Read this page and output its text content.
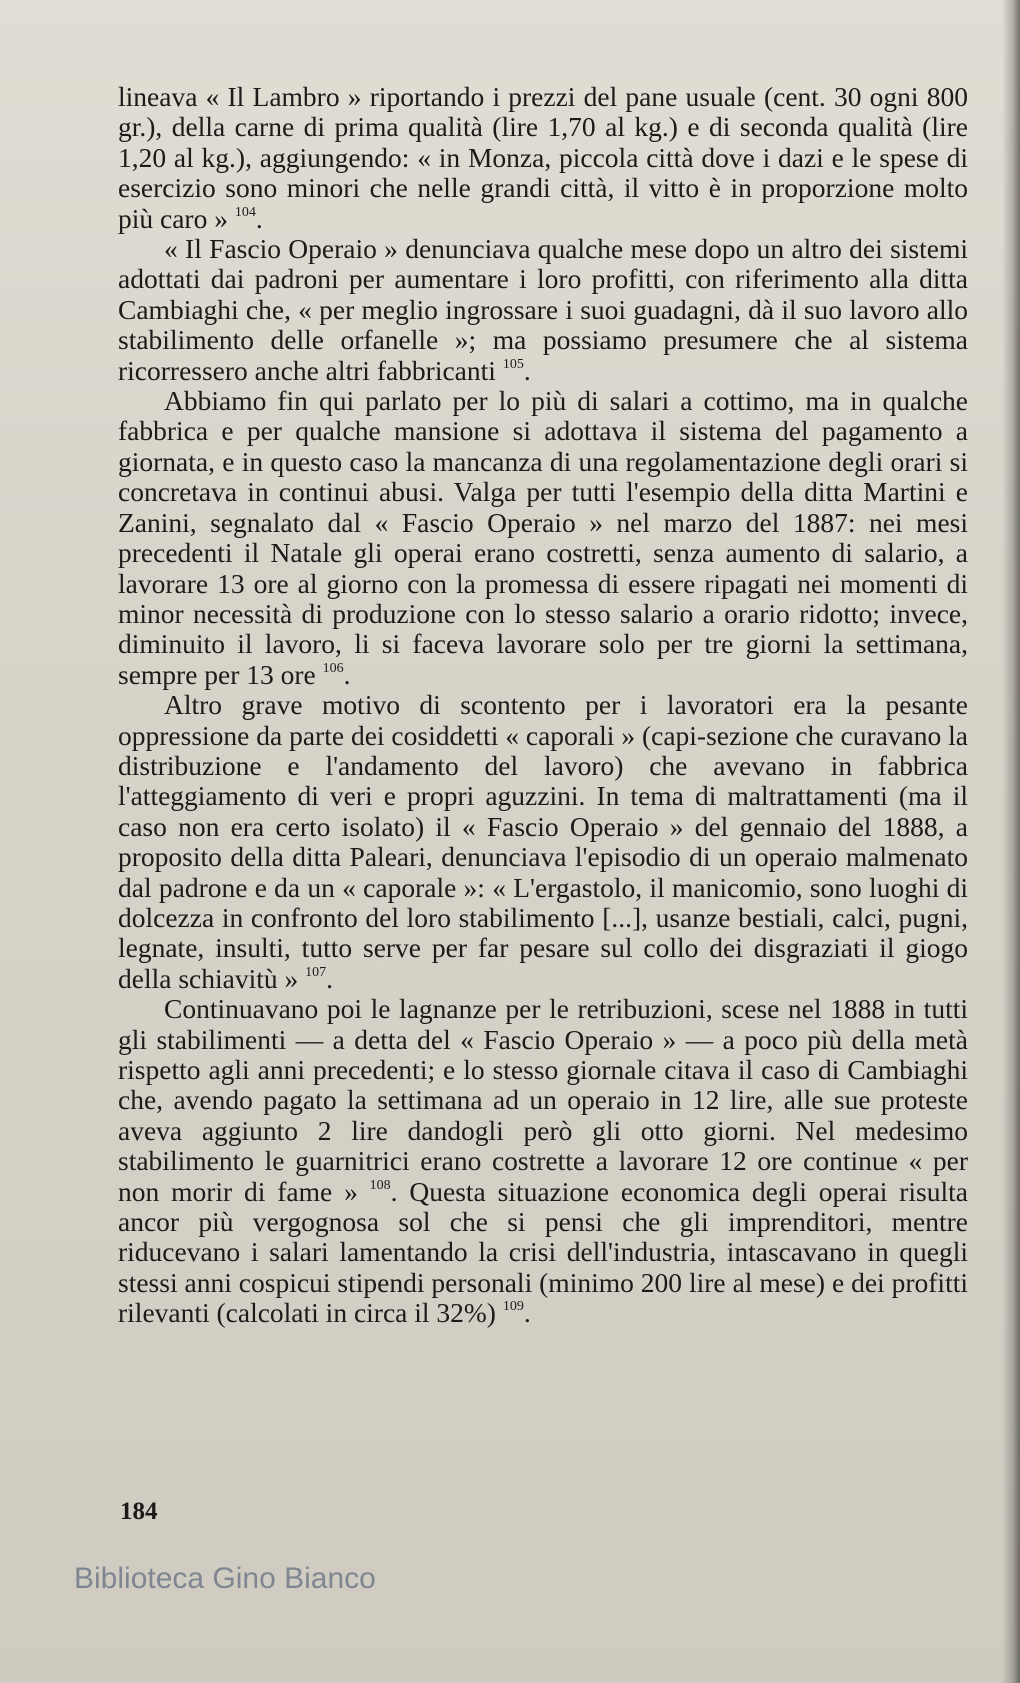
lineava « Il Lambro » riportando i prezzi del pane usuale (cent. 30 ogni 800 gr.), della carne di prima qualità (lire 1,70 al kg.) e di seconda qualità (lire 1,20 al kg.), aggiungendo: « in Monza, piccola città dove i dazi e le spese di esercizio sono minori che nelle grandi città, il vitto è in proporzione molto più caro » $^{104}$.

« Il Fascio Operaio » denunciava qualche mese dopo un altro dei sistemi adottati dai padroni per aumentare i loro profitti, con riferimento alla ditta Cambiaghi che, « per meglio ingrossare i suoi guadagni, dà il suo lavoro allo stabilimento delle orfanelle »; ma possiamo presumere che al sistema ricorressero anche altri fabbricanti $^{105}$.

Abbiamo fin qui parlato per lo più di salari a cottimo, ma in qualche fabbrica e per qualche mansione si adottava il sistema del pagamento a giornata, e in questo caso la mancanza di una regolamentazione degli orari si concretava in continui abusi. Valga per tutti l'esempio della ditta Martini e Zanini, segnalato dal « Fascio Operaio » nel marzo del 1887: nei mesi precedenti il Natale gli operai erano costretti, senza aumento di salario, a lavorare 13 ore al giorno con la promessa di essere ripagati nei momenti di minor necessità di produzione con lo stesso salario a orario ridotto; invece, diminuito il lavoro, li si faceva lavorare solo per tre giorni la settimana, sempre per 13 ore $^{106}$.

Altro grave motivo di scontento per i lavoratori era la pesante oppressione da parte dei cosiddetti « caporali » (capi-sezione che curavano la distribuzione e l'andamento del lavoro) che avevano in fabbrica l'atteggiamento di veri e propri aguzzini. In tema di maltrattamenti (ma il caso non era certo isolato) il « Fascio Operaio » del gennaio del 1888, a proposito della ditta Paleari, denunciava l'episodio di un operaio malmenato dal padrone e da un « caporale »: « L'ergastolo, il manicomio, sono luoghi di dolcezza in confronto del loro stabilimento [...], usanze bestiali, calci, pugni, legnate, insulti, tutto serve per far pesare sul collo dei disgraziati il giogo della schiavitù » $^{107}$.

Continuavano poi le lagnanze per le retribuzioni, scese nel 1888 in tutti gli stabilimenti — a detta del « Fascio Operaio » — a poco più della metà rispetto agli anni precedenti; e lo stesso giornale citava il caso di Cambiaghi che, avendo pagato la settimana ad un operaio in 12 lire, alle sue proteste aveva aggiunto 2 lire dandogli però gli otto giorni. Nel medesimo stabilimento le guarnitrici erano costrette a lavorare 12 ore continue « per non morir di fame » $^{108}$. Questa situazione economica degli operai risulta ancor più vergognosa sol che si pensi che gli imprenditori, mentre riducevano i salari lamentando la crisi dell'industria, intascavano in quegli stessi anni cospicui stipendi personali (minimo 200 lire al mese) e dei profitti rilevanti (calcolati in circa il 32%) $^{109}$.

184
Biblioteca Gino Bianco
